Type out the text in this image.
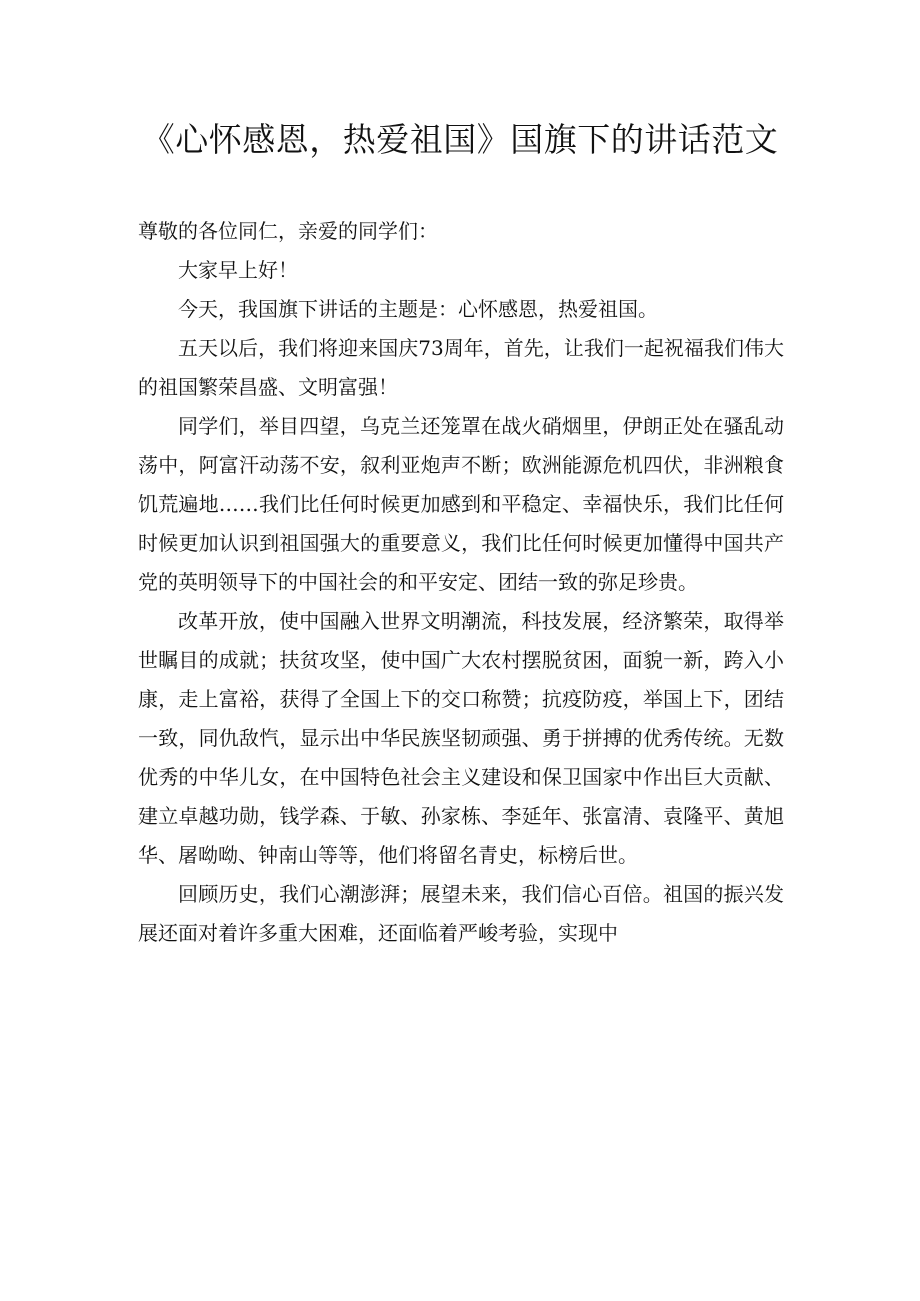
《心怀感恩，热爱祖国》国旗下的讲话范文

尊敬的各位同仁，亲爱的同学们：

大家早上好！

今天，我国旗下讲话的主题是：心怀感恩，热爱祖国。

五天以后，我们将迎来国庆73周年，首先，让我们一起祝福我们伟大的祖国繁荣昌盛、文明富强！

同学们，举目四望，乌克兰还笼罩在战火硝烟里，伊朗正处在骚乱动荡中，阿富汗动荡不安，叙利亚炮声不断；欧洲能源危机四伏，非洲粮食饥荒遍地……我们比任何时候更加感到和平稳定、幸福快乐，我们比任何时候更加认识到祖国强大的重要意义，我们比任何时候更加懂得中国共产党的英明领导下的中国社会的和平安定、团结一致的弥足珍贵。

改革开放，使中国融入世界文明潮流，科技发展，经济繁荣，取得举世瞩目的成就；扶贫攻坚，使中国广大农村摆脱贫困，面貌一新，跨入小康，走上富裕，获得了全国上下的交口称赞；抗疫防疫，举国上下，团结一致，同仇敌忾，显示出中华民族坚韧顽强、勇于拼搏的优秀传统。无数优秀的中华儿女，在中国特色社会主义建设和保卫国家中作出巨大贡献、建立卓越功勋，钱学森、于敏、孙家栋、李延年、张富清、袁隆平、黄旭华、屠呦呦、钟南山等等，他们将留名青史，标榜后世。

回顾历史，我们心潮澎湃；展望未来，我们信心百倍。祖国的振兴发展还面对着许多重大困难，还面临着严峻考验，实现中
